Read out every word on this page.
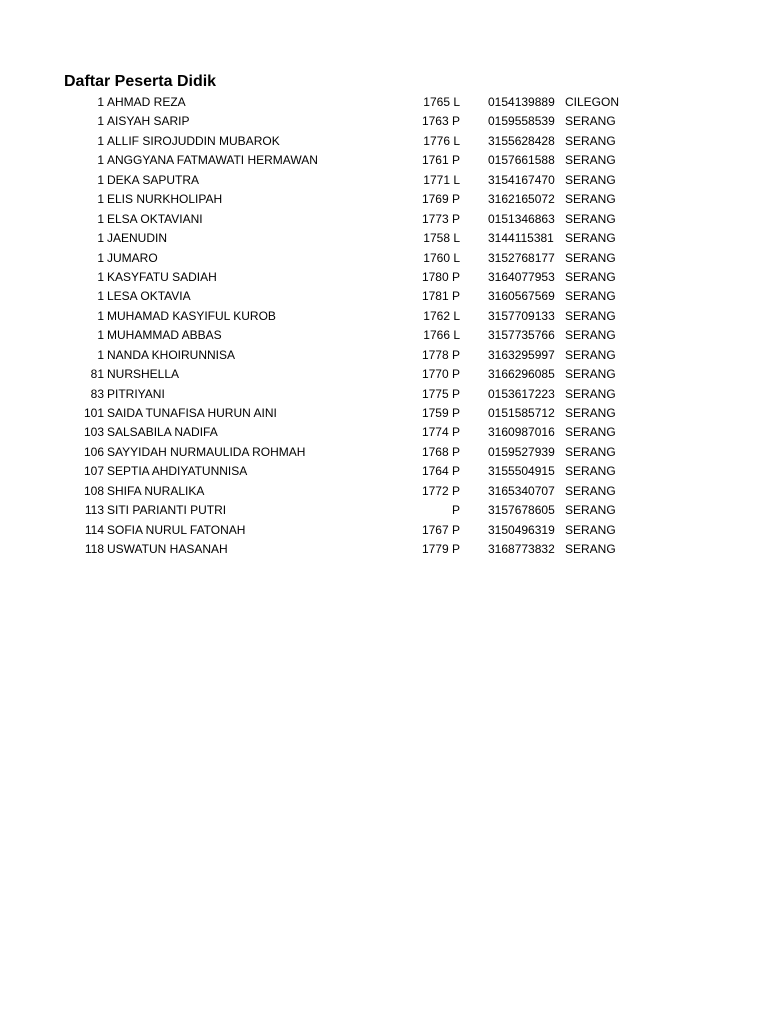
Daftar Peserta Didik
1 AHMAD REZA	1765 L 0154139889 CILEGON
1 AISYAH SARIP	1763 P 0159558539 SERANG
1 ALLIF SIROJUDDIN MUBAROK	1776 L 3155628428 SERANG
1 ANGGYANA FATMAWATI HERMAWAN	1761 P 0157661588 SERANG
1 DEKA SAPUTRA	1771 L 3154167470 SERANG
1 ELIS NURKHOLIPAH	1769 P 3162165072 SERANG
1 ELSA OKTAVIANI	1773 P 0151346863 SERANG
1 JAENUDIN	1758 L 3144115381 SERANG
1 JUMARO	1760 L 3152768177 SERANG
1 KASYFATU SADIAH	1780 P 3164077953 SERANG
1 LESA OKTAVIA	1781 P 3160567569 SERANG
1 MUHAMAD KASYIFUL KUROB	1762 L 3157709133 SERANG
1 MUHAMMAD ABBAS	1766 L 3157735766 SERANG
1 NANDA KHOIRUNNISA	1778 P 3163295997 SERANG
81 NURSHELLA	1770 P 3166296085 SERANG
83 PITRIYANI	1775 P 0153617223 SERANG
101 SAIDA TUNAFISA HURUN AINI	1759 P 0151585712 SERANG
103 SALSABILA NADIFA	1774 P 3160987016 SERANG
106 SAYYIDAH NURMAULIDA ROHMAH	1768 P 0159527939 SERANG
107 SEPTIA AHDIYATUNNISA	1764 P 3155504915 SERANG
108 SHIFA NURALIKA	1772 P 3165340707 SERANG
113 SITI PARIANTI PUTRI	P 3157678605 SERANG
114 SOFIA NURUL FATONAH	1767 P 3150496319 SERANG
118 USWATUN HASANAH	1779 P 3168773832 SERANG
